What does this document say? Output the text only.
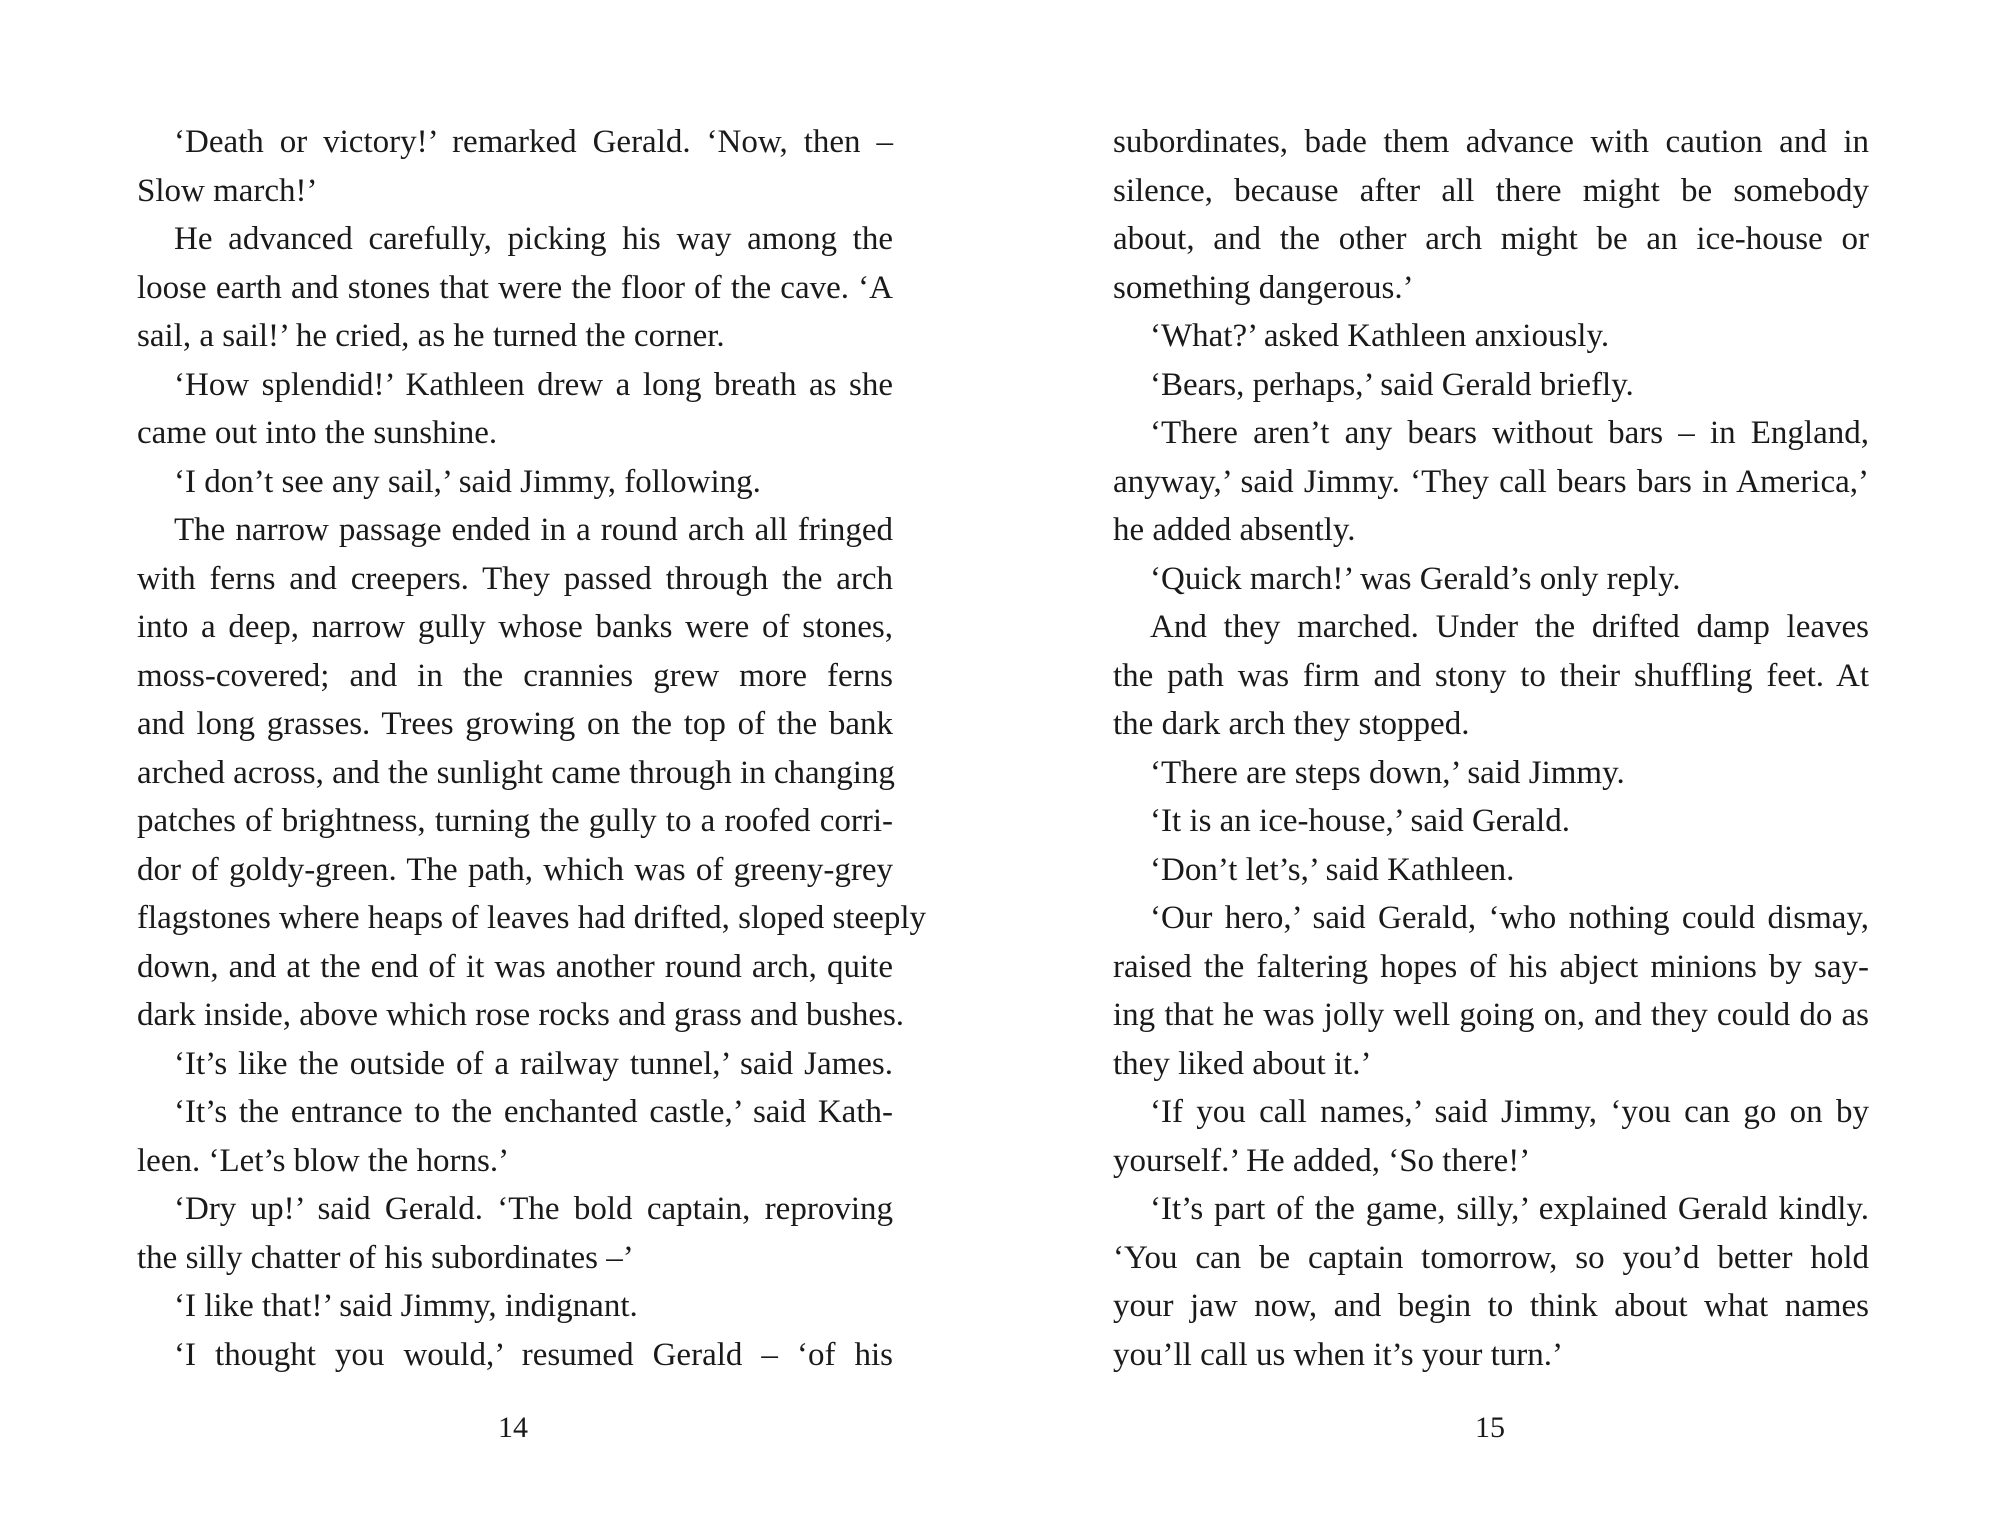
‘Death or victory!’ remarked Gerald. ‘Now, then –
Slow march!’
He advanced carefully, picking his way among the
loose earth and stones that were the floor of the cave. ‘A
sail, a sail!’ he cried, as he turned the corner.
‘How splendid!’ Kathleen drew a long breath as she
came out into the sunshine.
‘I don’t see any sail,’ said Jimmy, following.
The narrow passage ended in a round arch all fringed
with ferns and creepers. They passed through the arch
into a deep, narrow gully whose banks were of stones,
moss-covered; and in the crannies grew more ferns
and long grasses. Trees growing on the top of the bank
arched across, and the sunlight came through in changing
patches of brightness, turning the gully to a roofed corri-
dor of goldy-green. The path, which was of greeny-grey
flagstones where heaps of leaves had drifted, sloped steeply
down, and at the end of it was another round arch, quite
dark inside, above which rose rocks and grass and bushes.
‘It’s like the outside of a railway tunnel,’ said James.
‘It’s the entrance to the enchanted castle,’ said Kath-
leen. ‘Let’s blow the horns.’
‘Dry up!’ said Gerald. ‘The bold captain, reproving
the silly chatter of his subordinates –’
‘I like that!’ said Jimmy, indignant.
‘I thought you would,’ resumed Gerald – ‘of his
14
subordinates, bade them advance with caution and in
silence, because after all there might be somebody
about, and the other arch might be an ice-house or
something dangerous.’
‘What?’ asked Kathleen anxiously.
‘Bears, perhaps,’ said Gerald briefly.
‘There aren’t any bears without bars – in England,
anyway,’ said Jimmy. ‘They call bears bars in America,’
he added absently.
‘Quick march!’ was Gerald’s only reply.
And they marched. Under the drifted damp leaves
the path was firm and stony to their shuffling feet. At
the dark arch they stopped.
‘There are steps down,’ said Jimmy.
‘It is an ice-house,’ said Gerald.
‘Don’t let’s,’ said Kathleen.
‘Our hero,’ said Gerald, ‘who nothing could dismay,
raised the faltering hopes of his abject minions by say-
ing that he was jolly well going on, and they could do as
they liked about it.’
‘If you call names,’ said Jimmy, ‘you can go on by
yourself.’ He added, ‘So there!’
‘It’s part of the game, silly,’ explained Gerald kindly.
‘You can be captain tomorrow, so you’d better hold
your jaw now, and begin to think about what names
you’ll call us when it’s your turn.’
15
